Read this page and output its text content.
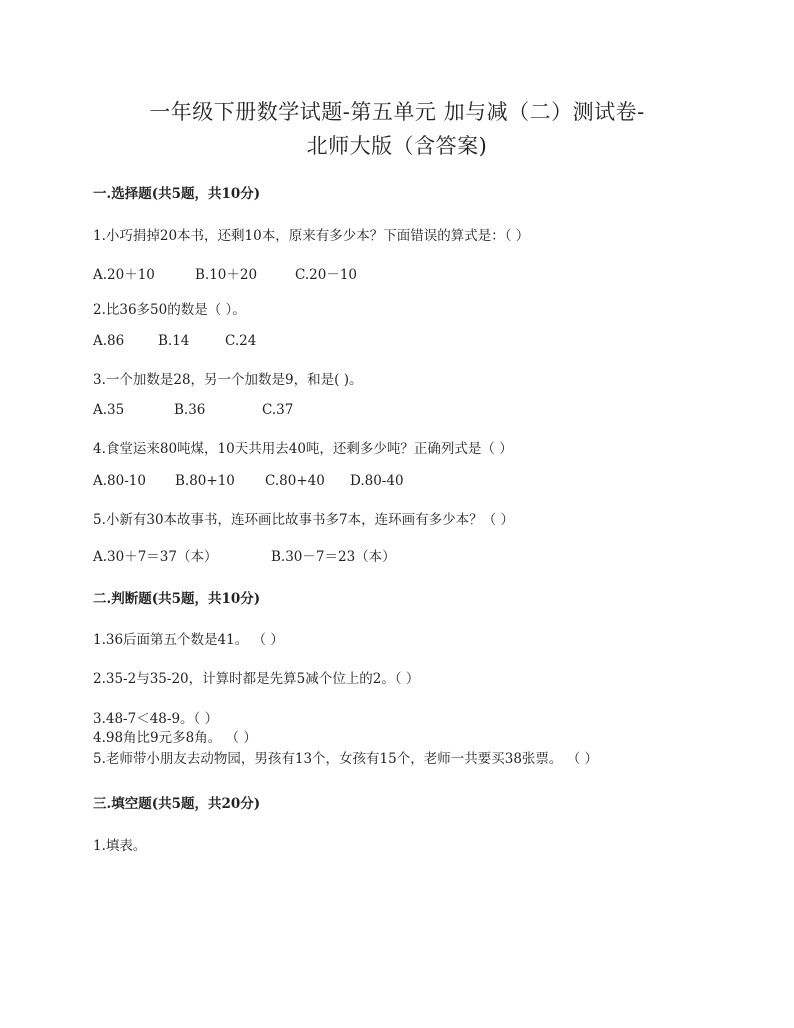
一年级下册数学试题-第五单元 加与减（二）测试卷-
北师大版（含答案)
一.选择题(共5题，共10分)
1.小巧捐掉20本书，还剩10本，原来有多少本？下面错误的算式是：（ ）
A.20＋10	B.10＋20	C.20－10
2.比36多50的数是（ ）。
A.86	B.14	C.24
3.一个加数是28，另一个加数是9，和是( )。
A.35	B.36	C.37
4.食堂运来80吨煤，10天共用去40吨，还剩多少吨？正确列式是（ ）
A.80-10 B.80+10 C.80+40 D.80-40
5.小新有30本故事书，连环画比故事书多7本，连环画有多少本？（ ）
A.30＋7＝37（本）	B.30－7＝23（本）
二.判断题(共5题，共10分)
1.36后面第五个数是41。 （ ）
2.35-2与35-20，计算时都是先算5减个位上的2。（ ）
3.48-7＜48-9。（ ）
4.98角比9元多8角。 （ ）
5.老师带小朋友去动物园，男孩有13个，女孩有15个，老师一共要买38张票。 （ ）
三.填空题(共5题，共20分)
1.填表。
